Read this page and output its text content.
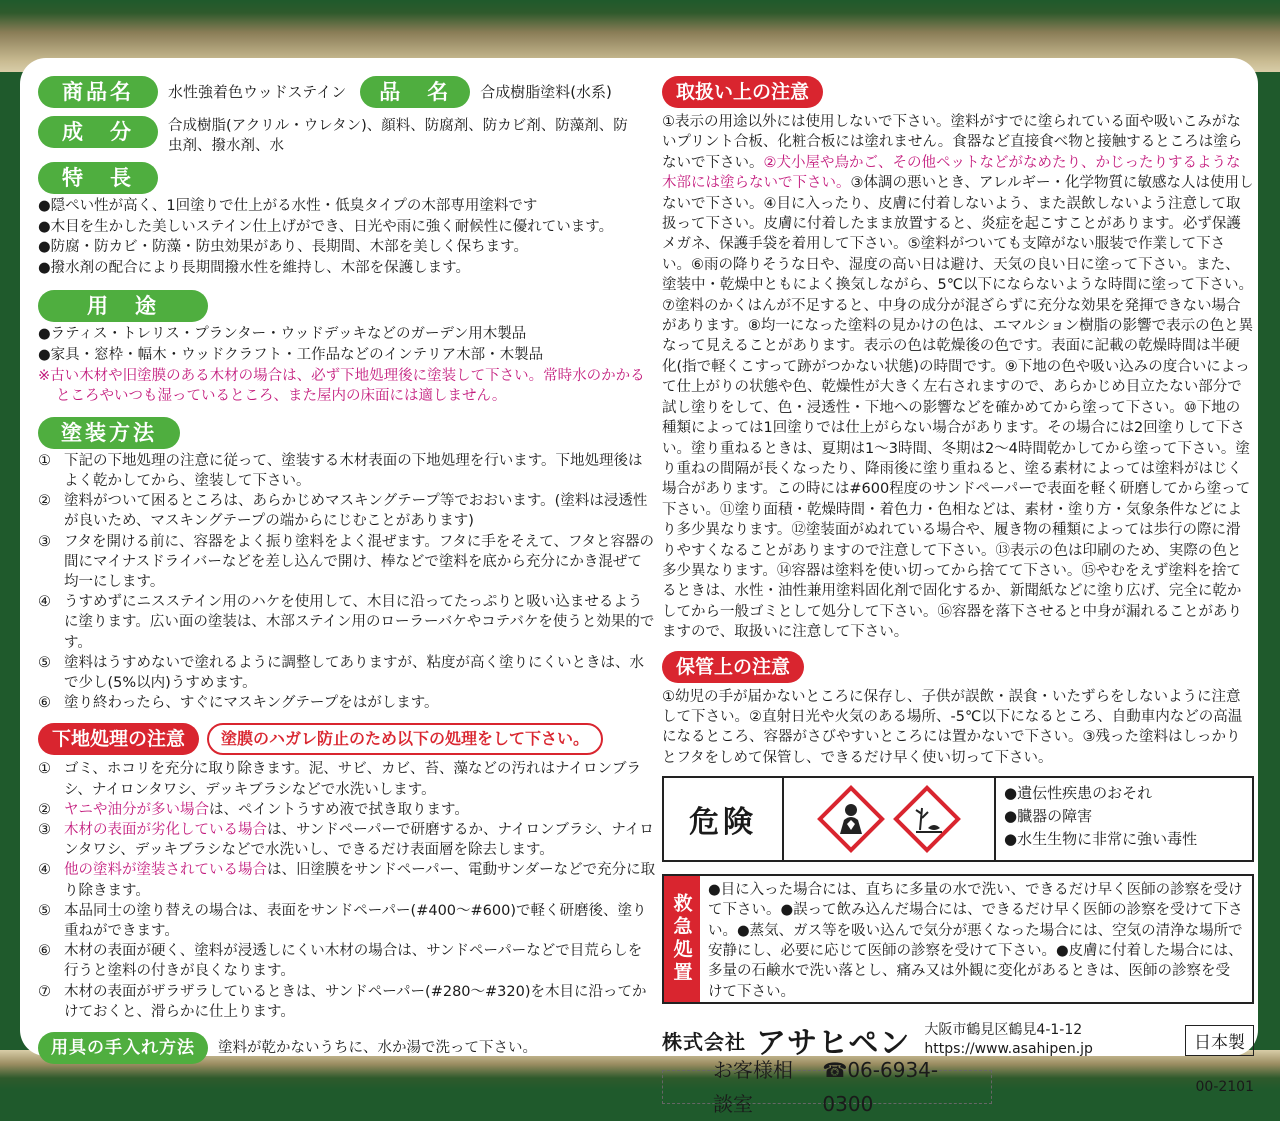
商品名	水性強着色ウッドステイン	品　名	合成樹脂塗料(水系)
成　分	合成樹脂(アクリル・ウレタン)、顔料、防腐剤、防カビ剤、防藻剤、防虫剤、撥水剤、水
特　長
●隠ぺい性が高く、1回塗りで仕上がる水性・低臭タイプの木部専用塗料です
●木目を生かした美しいステイン仕上げができ、日光や雨に強く耐候性に優れています。
●防腐・防カビ・防藻・防虫効果があり、長期間、木部を美しく保ちます。
●撥水剤の配合により長期間撥水性を維持し、木部を保護します。
用　途
●ラティス・トレリス・プランター・ウッドデッキなどのガーデン用木製品
●家具・窓枠・幅木・ウッドクラフト・工作品などのインテリア木部・木製品
※古い木材や旧塗膜のある木材の場合は、必ず下地処理後に塗装して下さい。常時水のかかるところやいつも湿っているところ、また屋内の床面には適しません。
塗装方法
① 下記の下地処理の注意に従って、塗装する木材表面の下地処理を行います。下地処理後はよく乾かしてから、塗装して下さい。
② 塗料がついて困るところは、あらかじめマスキングテープ等でおおいます。(塗料は浸透性が良いため、マスキングテープの端からにじむことがあります)
③ フタを開ける前に、容器をよく振り塗料をよく混ぜます。フタに手をそえて、フタと容器の間にマイナスドライバーなどを差し込んで開け、棒などで塗料を底から充分にかき混ぜて均一にします。
④ うすめずにニスステイン用のハケを使用して、木目に沿ってたっぷりと吸い込ませるように塗ります。広い面の塗装は、木部ステイン用のローラーバケやコテバケを使うと効果的です。
⑤ 塗料はうすめないで塗れるように調整してありますが、粘度が高く塗りにくいときは、水で少し(5%以内)うすめます。
⑥ 塗り終わったら、すぐにマスキングテープをはがします。
下地処理の注意	塗膜のハガレ防止のため以下の処理をして下さい。
① ゴミ、ホコリを充分に取り除きます。泥、サビ、カビ、苔、藻などの汚れはナイロンブラシ、ナイロンタワシ、デッキブラシなどで水洗いします。
② ヤニや油分が多い場合は、ペイントうすめ液で拭き取ります。
③ 木材の表面が劣化している場合は、サンドペーパーで研磨するか、ナイロンブラシ、ナイロンタワシ、デッキブラシなどで水洗いし、できるだけ表面層を除去します。
④ 他の塗料が塗装されている場合は、旧塗膜をサンドペーパー、電動サンダーなどで充分に取り除きます。
⑤ 本品同士の塗り替えの場合は、表面をサンドペーパー(#400〜#600)で軽く研磨後、塗り重ねができます。
⑥ 木材の表面が硬く、塗料が浸透しにくい木材の場合は、サンドペーパーなどで目荒らしを行うと塗料の付きが良くなります。
⑦ 木材の表面がザラザラしているときは、サンドペーパー(#280〜#320)を木目に沿ってかけておくと、滑らかに仕上ります。
用具の手入れ方法	塗料が乾かないうちに、水か湯で洗って下さい。
取扱い上の注意
①表示の用途以外には使用しないで下さい。塗料がすでに塗られている面や吸いこみがないプリント合板、化粧合板には塗れません。食器など直接食べ物と接触するところは塗らないで下さい。②犬小屋や鳥かご、その他ペットなどがなめたり、かじったりするような木部には塗らないで下さい。③体調の悪いとき、アレルギー・化学物質に敏感な人は使用しないで下さい。④目に入ったり、皮膚に付着しないよう、また誤飲しないよう注意して取扱って下さい。皮膚に付着したまま放置すると、炎症を起こすことがあります。必ず保護メガネ、保護手袋を着用して下さい。⑤塗料がついても支障がない服装で作業して下さい。⑥雨の降りそうな日や、湿度の高い日は避け、天気の良い日に塗って下さい。また、塗装中・乾燥中ともによく換気しながら、5℃以下にならないような時間に塗って下さい。⑦塗料のかくはんが不足すると、中身の成分が混ざらずに充分な効果を発揮できない場合があります。⑧均一になった塗料の見かけの色は、エマルション樹脂の影響で表示の色と異なって見えることがあります。表示の色は乾燥後の色です。表面に記載の乾燥時間は半硬化(指で軽くこすって跡がつかない状態)の時間です。⑨下地の色や吸い込みの度合いによって仕上がりの状態や色、乾燥性が大きく左右されますので、あらかじめ目立たない部分で試し塗りをして、色・浸透性・下地への影響などを確かめてから塗って下さい。⑩下地の種類によっては1回塗りでは仕上がらない場合があります。その場合には2回塗りして下さい。塗り重ねるときは、夏期は1〜3時間、冬期は2〜4時間乾かしてから塗って下さい。塗り重ねの間隔が長くなったり、降雨後に塗り重ねると、塗る素材によっては塗料がはじく場合があります。この時には#600程度のサンドペーパーで表面を軽く研磨してから塗って下さい。⑪塗り面積・乾燥時間・着色力・色相などは、素材・塗り方・気象条件などにより多少異なります。⑫塗装面がぬれている場合や、履き物の種類によっては歩行の際に滑りやすくなることがありますので注意して下さい。⑬表示の色は印刷のため、実際の色と多少異なります。⑭容器は塗料を使い切ってから捨てて下さい。⑮やむをえず塗料を捨てるときは、水性・油性兼用塗料固化剤で固化するか、新聞紙などに塗り広げ、完全に乾かしてから一般ゴミとして処分して下さい。⑯容器を落下させると中身が漏れることがありますので、取扱いに注意して下さい。
保管上の注意
①幼児の手が届かないところに保存し、子供が誤飲・誤食・いたずらをしないように注意して下さい。②直射日光や火気のある場所、-5℃以下になるところ、自動車内などの高温になるところ、容器がさびやすいところには置かないで下さい。③残った塗料はしっかりとフタをしめて保管し、できるだけ早く使い切って下さい。
危険
●遺伝性疾患のおそれ
●臓器の障害
●水生生物に非常に強い毒性
救急処置
●目に入った場合には、直ちに多量の水で洗い、できるだけ早く医師の診察を受けて下さい。●誤って飲み込んだ場合には、できるだけ早く医師の診察を受けて下さい。●蒸気、ガス等を吸い込んで気分が悪くなった場合には、空気の清浄な場所で安静にし、必要に応じて医師の診察を受けて下さい。●皮膚に付着した場合には、多量の石鹸水で洗い落とし、痛み又は外観に変化があるときは、医師の診察を受けて下さい。
株式会社 アサヒペン 大阪市鶴見区鶴見4-1-12
https://www.asahipen.jp	日本製
お客様相談室
☎06-6934-0300
00-2101
